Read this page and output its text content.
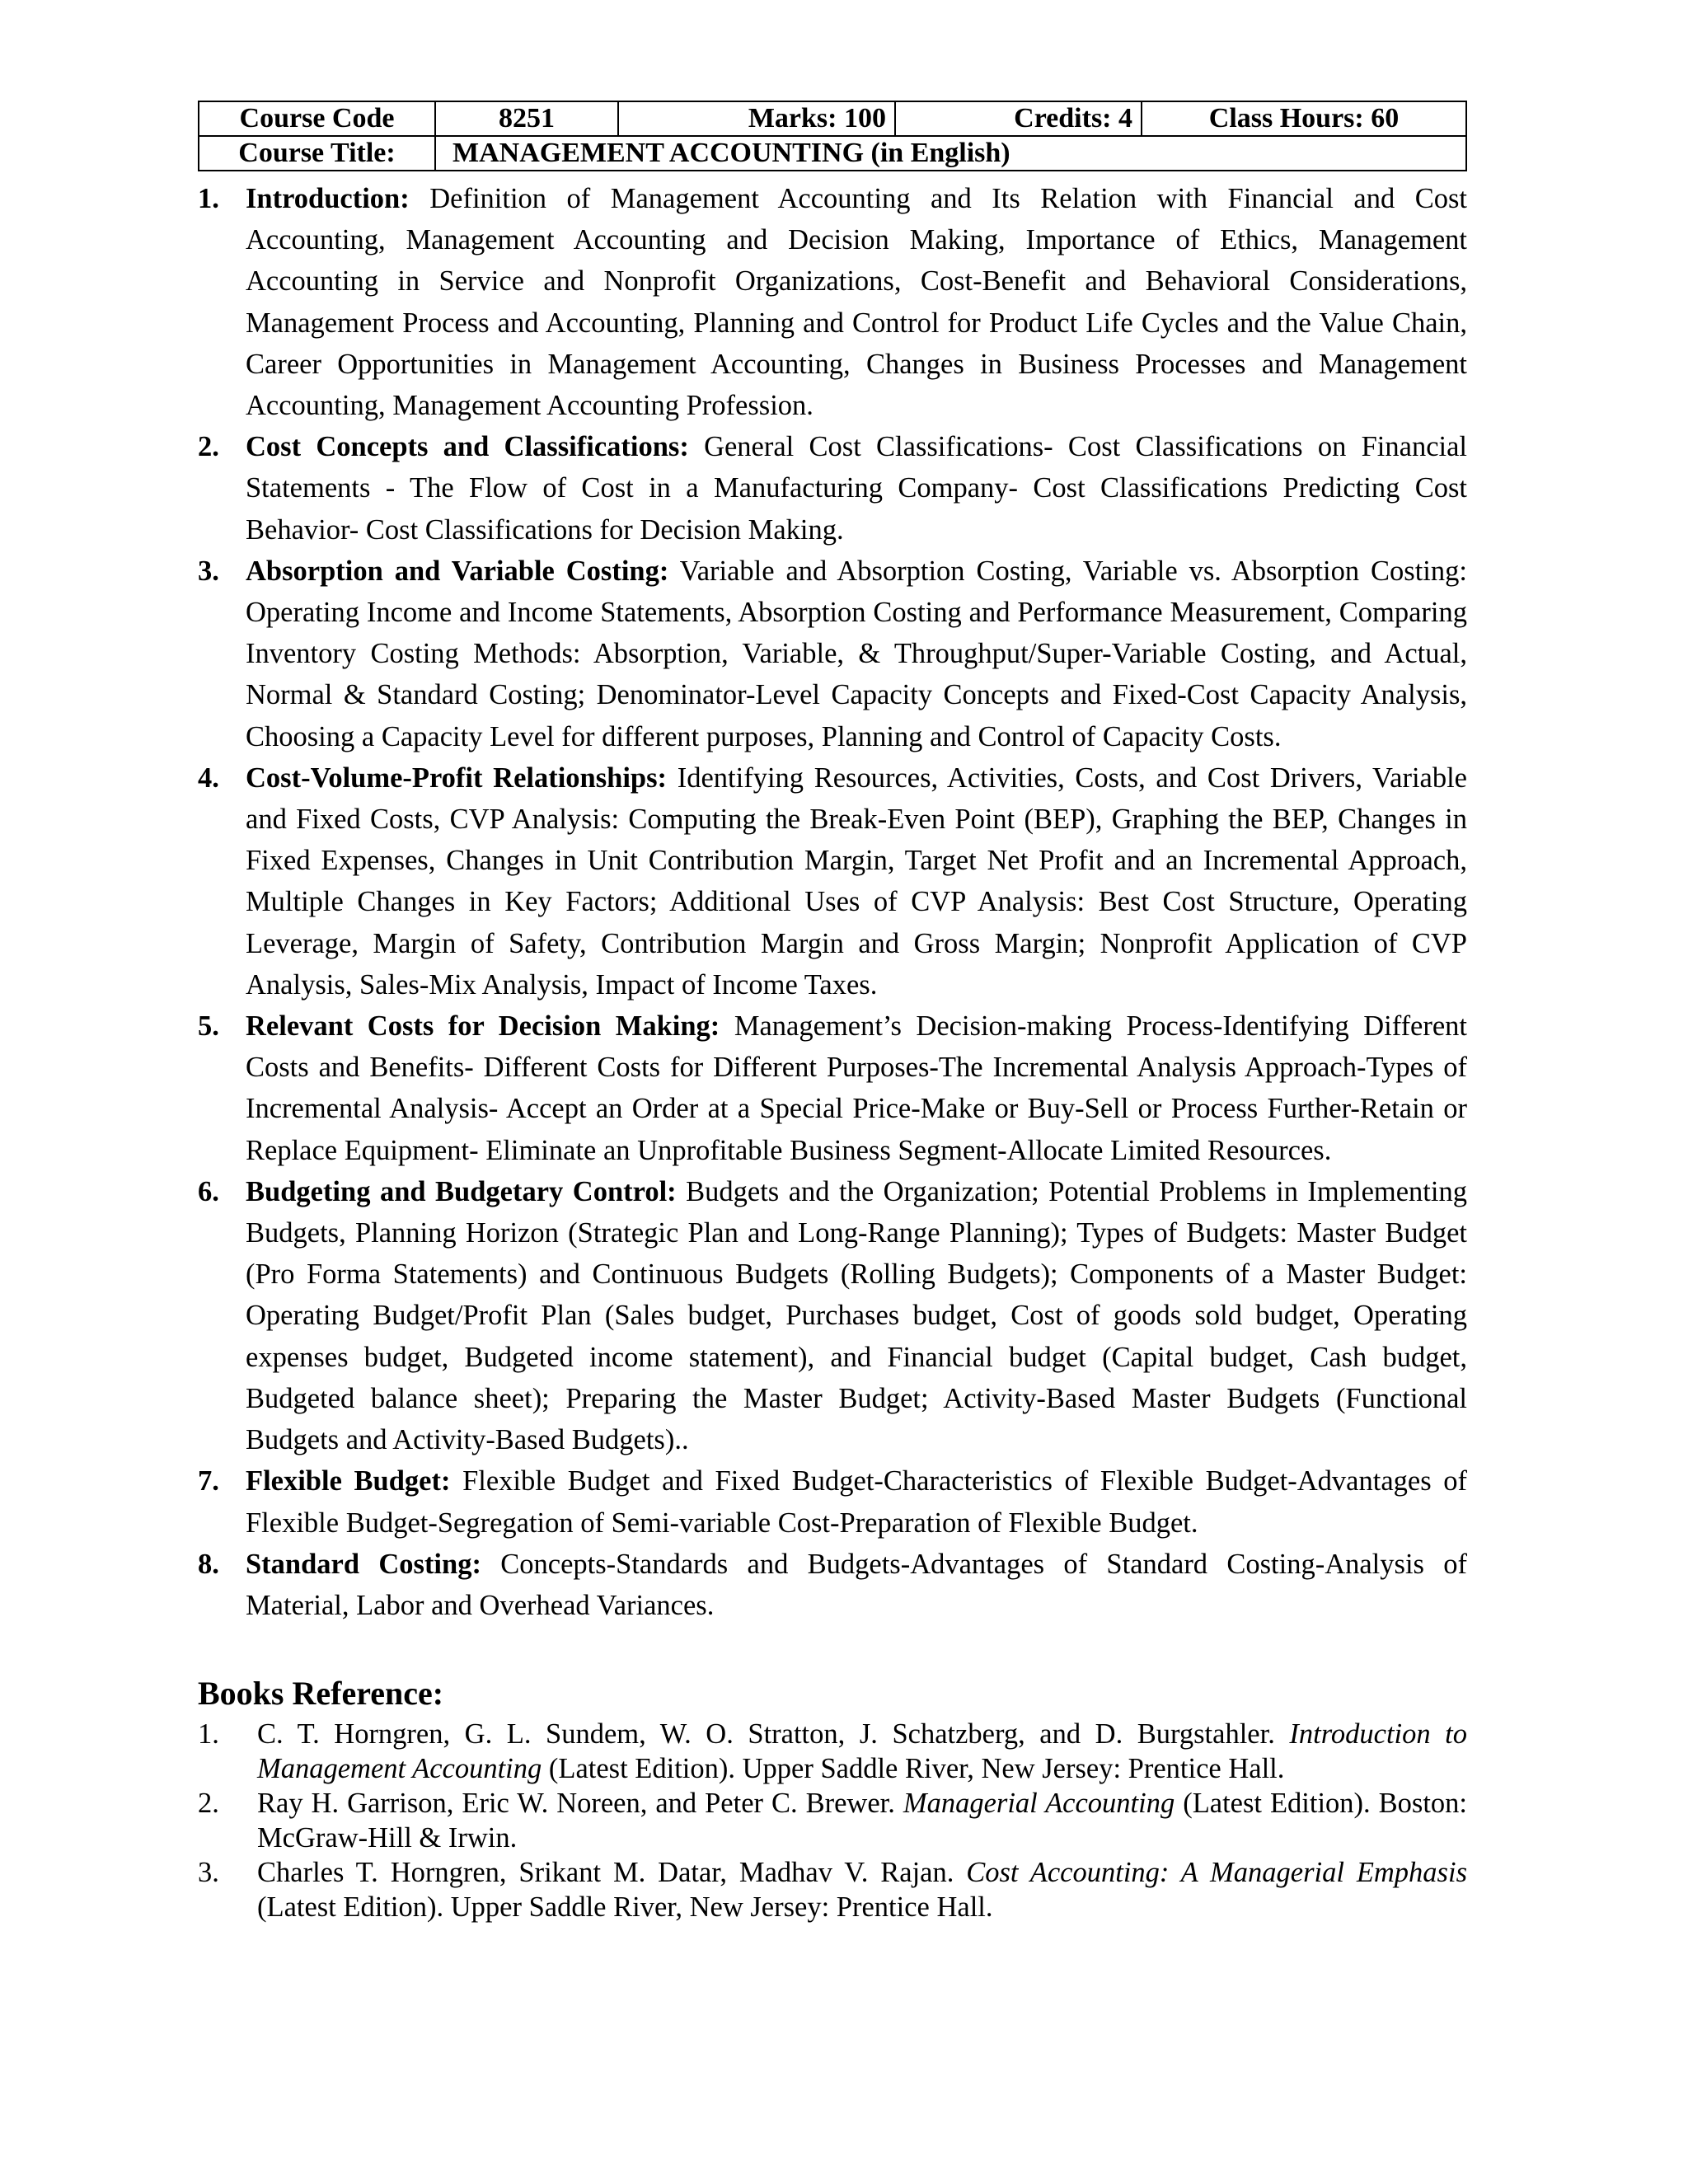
Course Code	8251	Marks: 100	Credits: 4	Class Hours: 60
Course Title:	MANAGEMENT ACCOUNTING (in English)			
1. Introduction: Definition of Management Accounting and Its Relation with Financial and Cost Accounting, Management Accounting and Decision Making, Importance of Ethics, Management Accounting in Service and Nonprofit Organizations, Cost-Benefit and Behavioral Considerations, Management Process and Accounting, Planning and Control for Product Life Cycles and the Value Chain, Career Opportunities in Management Accounting, Changes in Business Processes and Management Accounting, Management Accounting Profession.
2. Cost Concepts and Classifications: General Cost Classifications- Cost Classifications on Financial Statements - The Flow of Cost in a Manufacturing Company- Cost Classifications Predicting Cost Behavior- Cost Classifications for Decision Making.
3. Absorption and Variable Costing: Variable and Absorption Costing, Variable vs. Absorption Costing: Operating Income and Income Statements, Absorption Costing and Performance Measurement, Comparing Inventory Costing Methods: Absorption, Variable, & Throughput/Super-Variable Costing, and Actual, Normal & Standard Costing; Denominator-Level Capacity Concepts and Fixed-Cost Capacity Analysis, Choosing a Capacity Level for different purposes, Planning and Control of Capacity Costs.
4. Cost-Volume-Profit Relationships: Identifying Resources, Activities, Costs, and Cost Drivers, Variable and Fixed Costs, CVP Analysis: Computing the Break-Even Point (BEP), Graphing the BEP, Changes in Fixed Expenses, Changes in Unit Contribution Margin, Target Net Profit and an Incremental Approach, Multiple Changes in Key Factors; Additional Uses of CVP Analysis: Best Cost Structure, Operating Leverage, Margin of Safety, Contribution Margin and Gross Margin; Nonprofit Application of CVP Analysis, Sales-Mix Analysis, Impact of Income Taxes.
5. Relevant Costs for Decision Making: Management’s Decision-making Process-Identifying Different Costs and Benefits- Different Costs for Different Purposes-The Incremental Analysis Approach-Types of Incremental Analysis- Accept an Order at a Special Price-Make or Buy-Sell or Process Further-Retain or Replace Equipment- Eliminate an Unprofitable Business Segment-Allocate Limited Resources.
6. Budgeting and Budgetary Control: Budgets and the Organization; Potential Problems in Implementing Budgets, Planning Horizon (Strategic Plan and Long-Range Planning); Types of Budgets: Master Budget (Pro Forma Statements) and Continuous Budgets (Rolling Budgets); Components of a Master Budget: Operating Budget/Profit Plan (Sales budget, Purchases budget, Cost of goods sold budget, Operating expenses budget, Budgeted income statement), and Financial budget (Capital budget, Cash budget, Budgeted balance sheet); Preparing the Master Budget; Activity-Based Master Budgets (Functional Budgets and Activity-Based Budgets)..
7. Flexible Budget: Flexible Budget and Fixed Budget-Characteristics of Flexible Budget-Advantages of Flexible Budget-Segregation of Semi-variable Cost-Preparation of Flexible Budget.
8. Standard Costing: Concepts-Standards and Budgets-Advantages of Standard Costing-Analysis of Material, Labor and Overhead Variances.
Books Reference:
1. C. T. Horngren, G. L. Sundem, W. O. Stratton, J. Schatzberg, and D. Burgstahler. Introduction to Management Accounting (Latest Edition). Upper Saddle River, New Jersey: Prentice Hall.
2. Ray H. Garrison, Eric W. Noreen, and Peter C. Brewer. Managerial Accounting (Latest Edition). Boston: McGraw-Hill & Irwin.
3. Charles T. Horngren, Srikant M. Datar, Madhav V. Rajan. Cost Accounting: A Managerial Emphasis (Latest Edition). Upper Saddle River, New Jersey: Prentice Hall.
